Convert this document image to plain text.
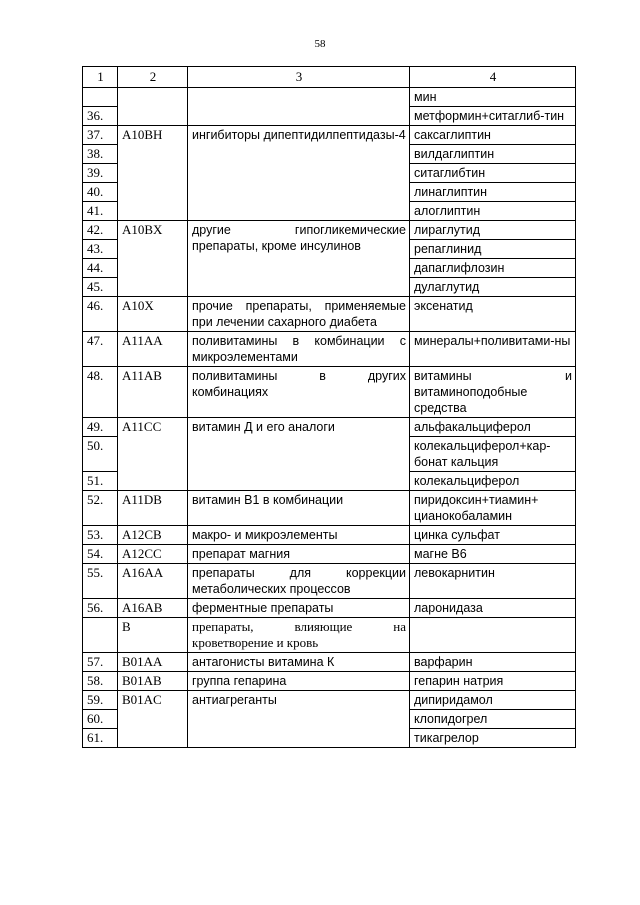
58
1	2	3	4
			мин
36.			метформин+ситаглиб-тин
37.	A10BH	ингибиторы дипептидилпептидазы-4	саксаглиптин
38.			вилдаглиптин
39.			ситаглибтин
40.			линаглиптин
41.			алоглиптин
42.	A10BX	другие гипогликемические препараты, кроме инсулинов	лираглутид
43.			репаглинид
44.			дапаглифлозин
45.			дулаглутид
46.	A10X	прочие препараты, применяемые при лечении сахарного диабета	эксенатид
47.	A11AA	поливитамины в комбинации с микроэлементами	минералы+поливитами-ны
48.	A11AB	поливитамины в других комбинациях	витамины и витаминоподобные средства
49.	A11CC	витамин Д и его аналоги	альфакальциферол
50.			колекальциферол+кар-бонат кальция
51.			колекальциферол
52.	A11DB	витамин В1 в комбинации	пиридоксин+тиамин+ цианокобаламин
53.	A12CB	макро- и микроэлементы	цинка сульфат
54.	A12CC	препарат магния	магне В6
55.	A16AA	препараты для коррекции метаболических процессов	левокарнитин
56.	A16AB	ферментные препараты	ларонидаза
	B	препараты, влияющие на кроветворение и кровь	
57.	B01AA	антагонисты витамина К	варфарин
58.	B01AB	группа гепарина	гепарин натрия
59.	B01AC	антиагреганты	дипиридамол
60.			клопидогрел
61.			тикагрелор
